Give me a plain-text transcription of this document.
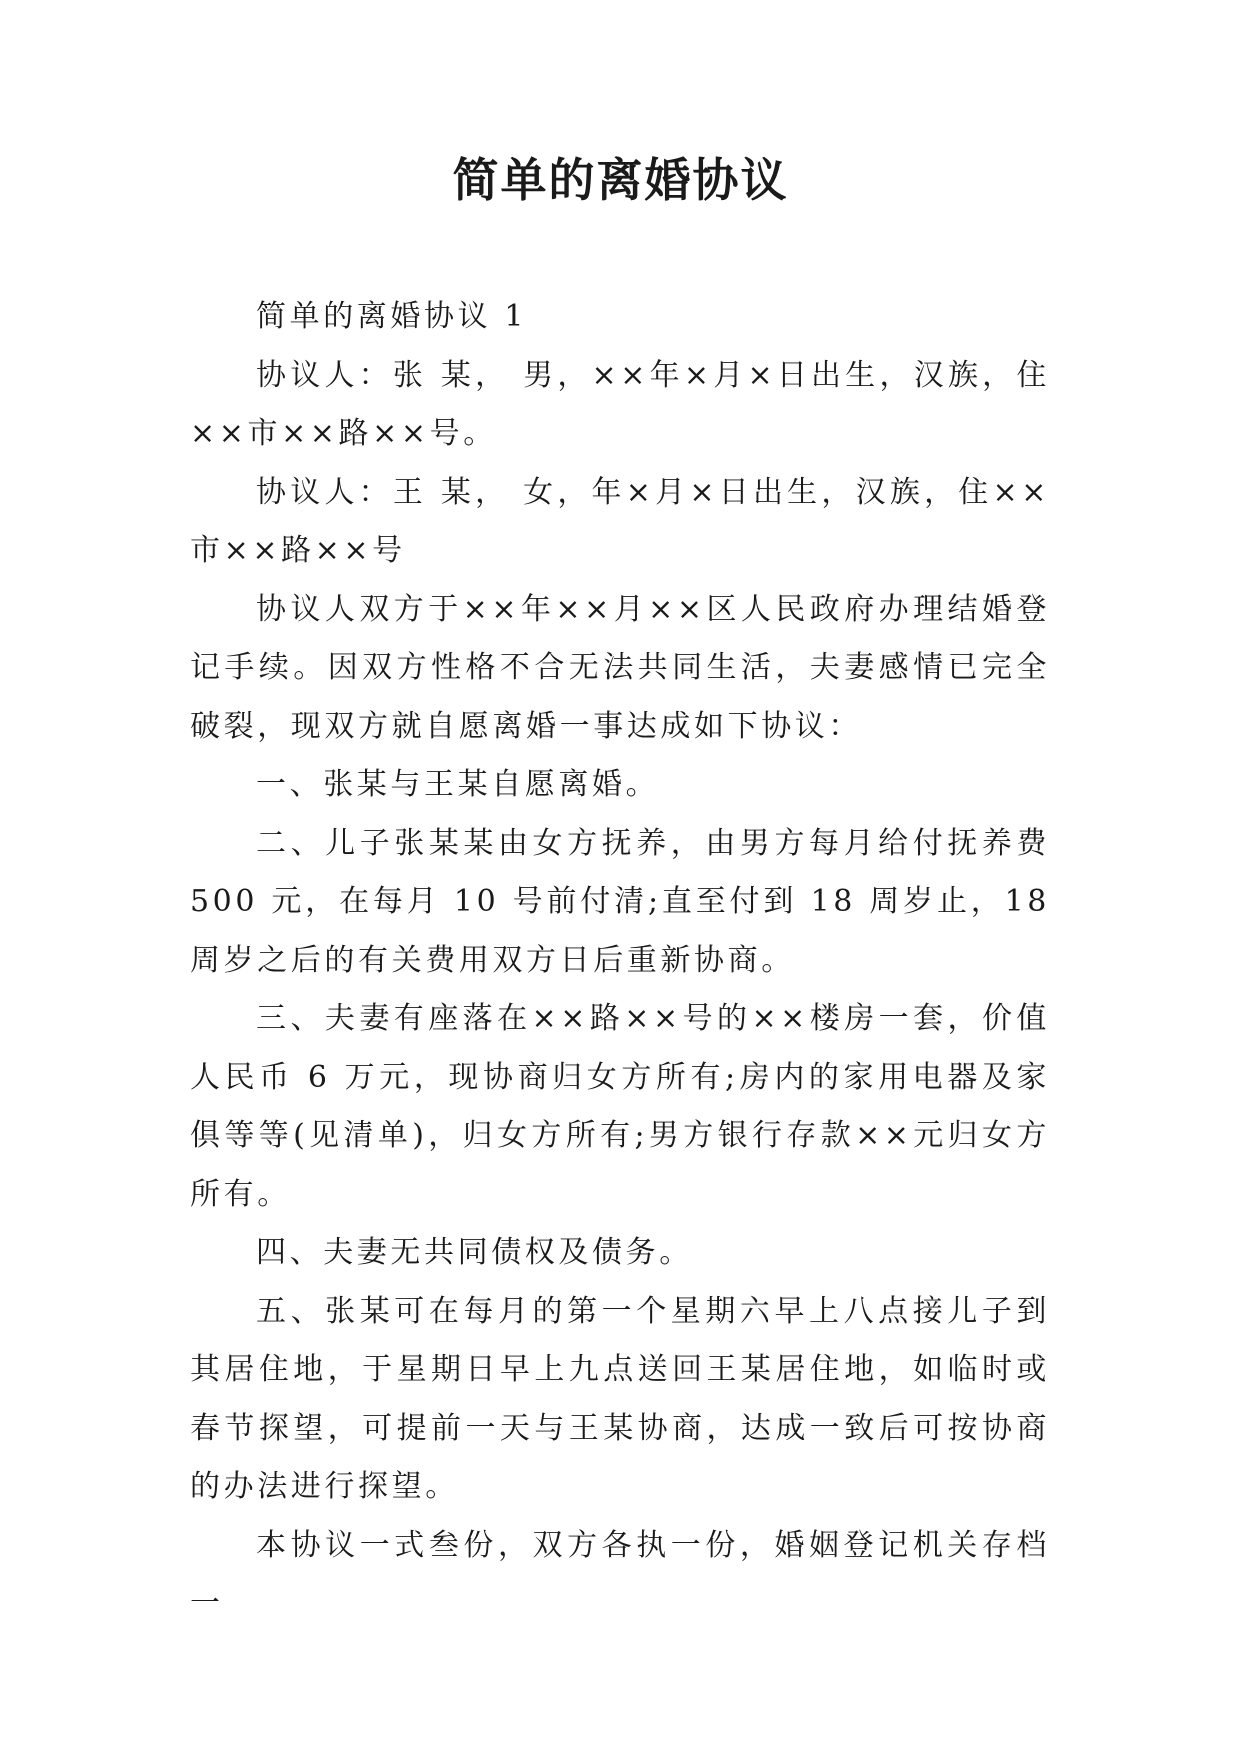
简单的离婚协议

简单的离婚协议 1

协议人：张 某， 男，××年×月×日出生，汉族，住××市××路××号。

协议人：王 某， 女，年×月×日出生，汉族，住××市××路××号

协议人双方于××年××月××区人民政府办理结婚登记手续。因双方性格不合无法共同生活，夫妻感情已完全破裂，现双方就自愿离婚一事达成如下协议：

一、张某与王某自愿离婚。

二、儿子张某某由女方抚养，由男方每月给付抚养费 500 元，在每月 10 号前付清;直至付到 18 周岁止，18 周岁之后的有关费用双方日后重新协商。

三、夫妻有座落在××路××号的××楼房一套，价值人民币 6 万元，现协商归女方所有;房内的家用电器及家俱等等(见清单)，归女方所有;男方银行存款××元归女方所有。

四、夫妻无共同债权及债务。

五、张某可在每月的第一个星期六早上八点接儿子到其居住地，于星期日早上九点送回王某居住地，如临时或春节探望，可提前一天与王某协商，达成一致后可按协商的办法进行探望。

本协议一式叁份，双方各执一份，婚姻登记机关存档一
